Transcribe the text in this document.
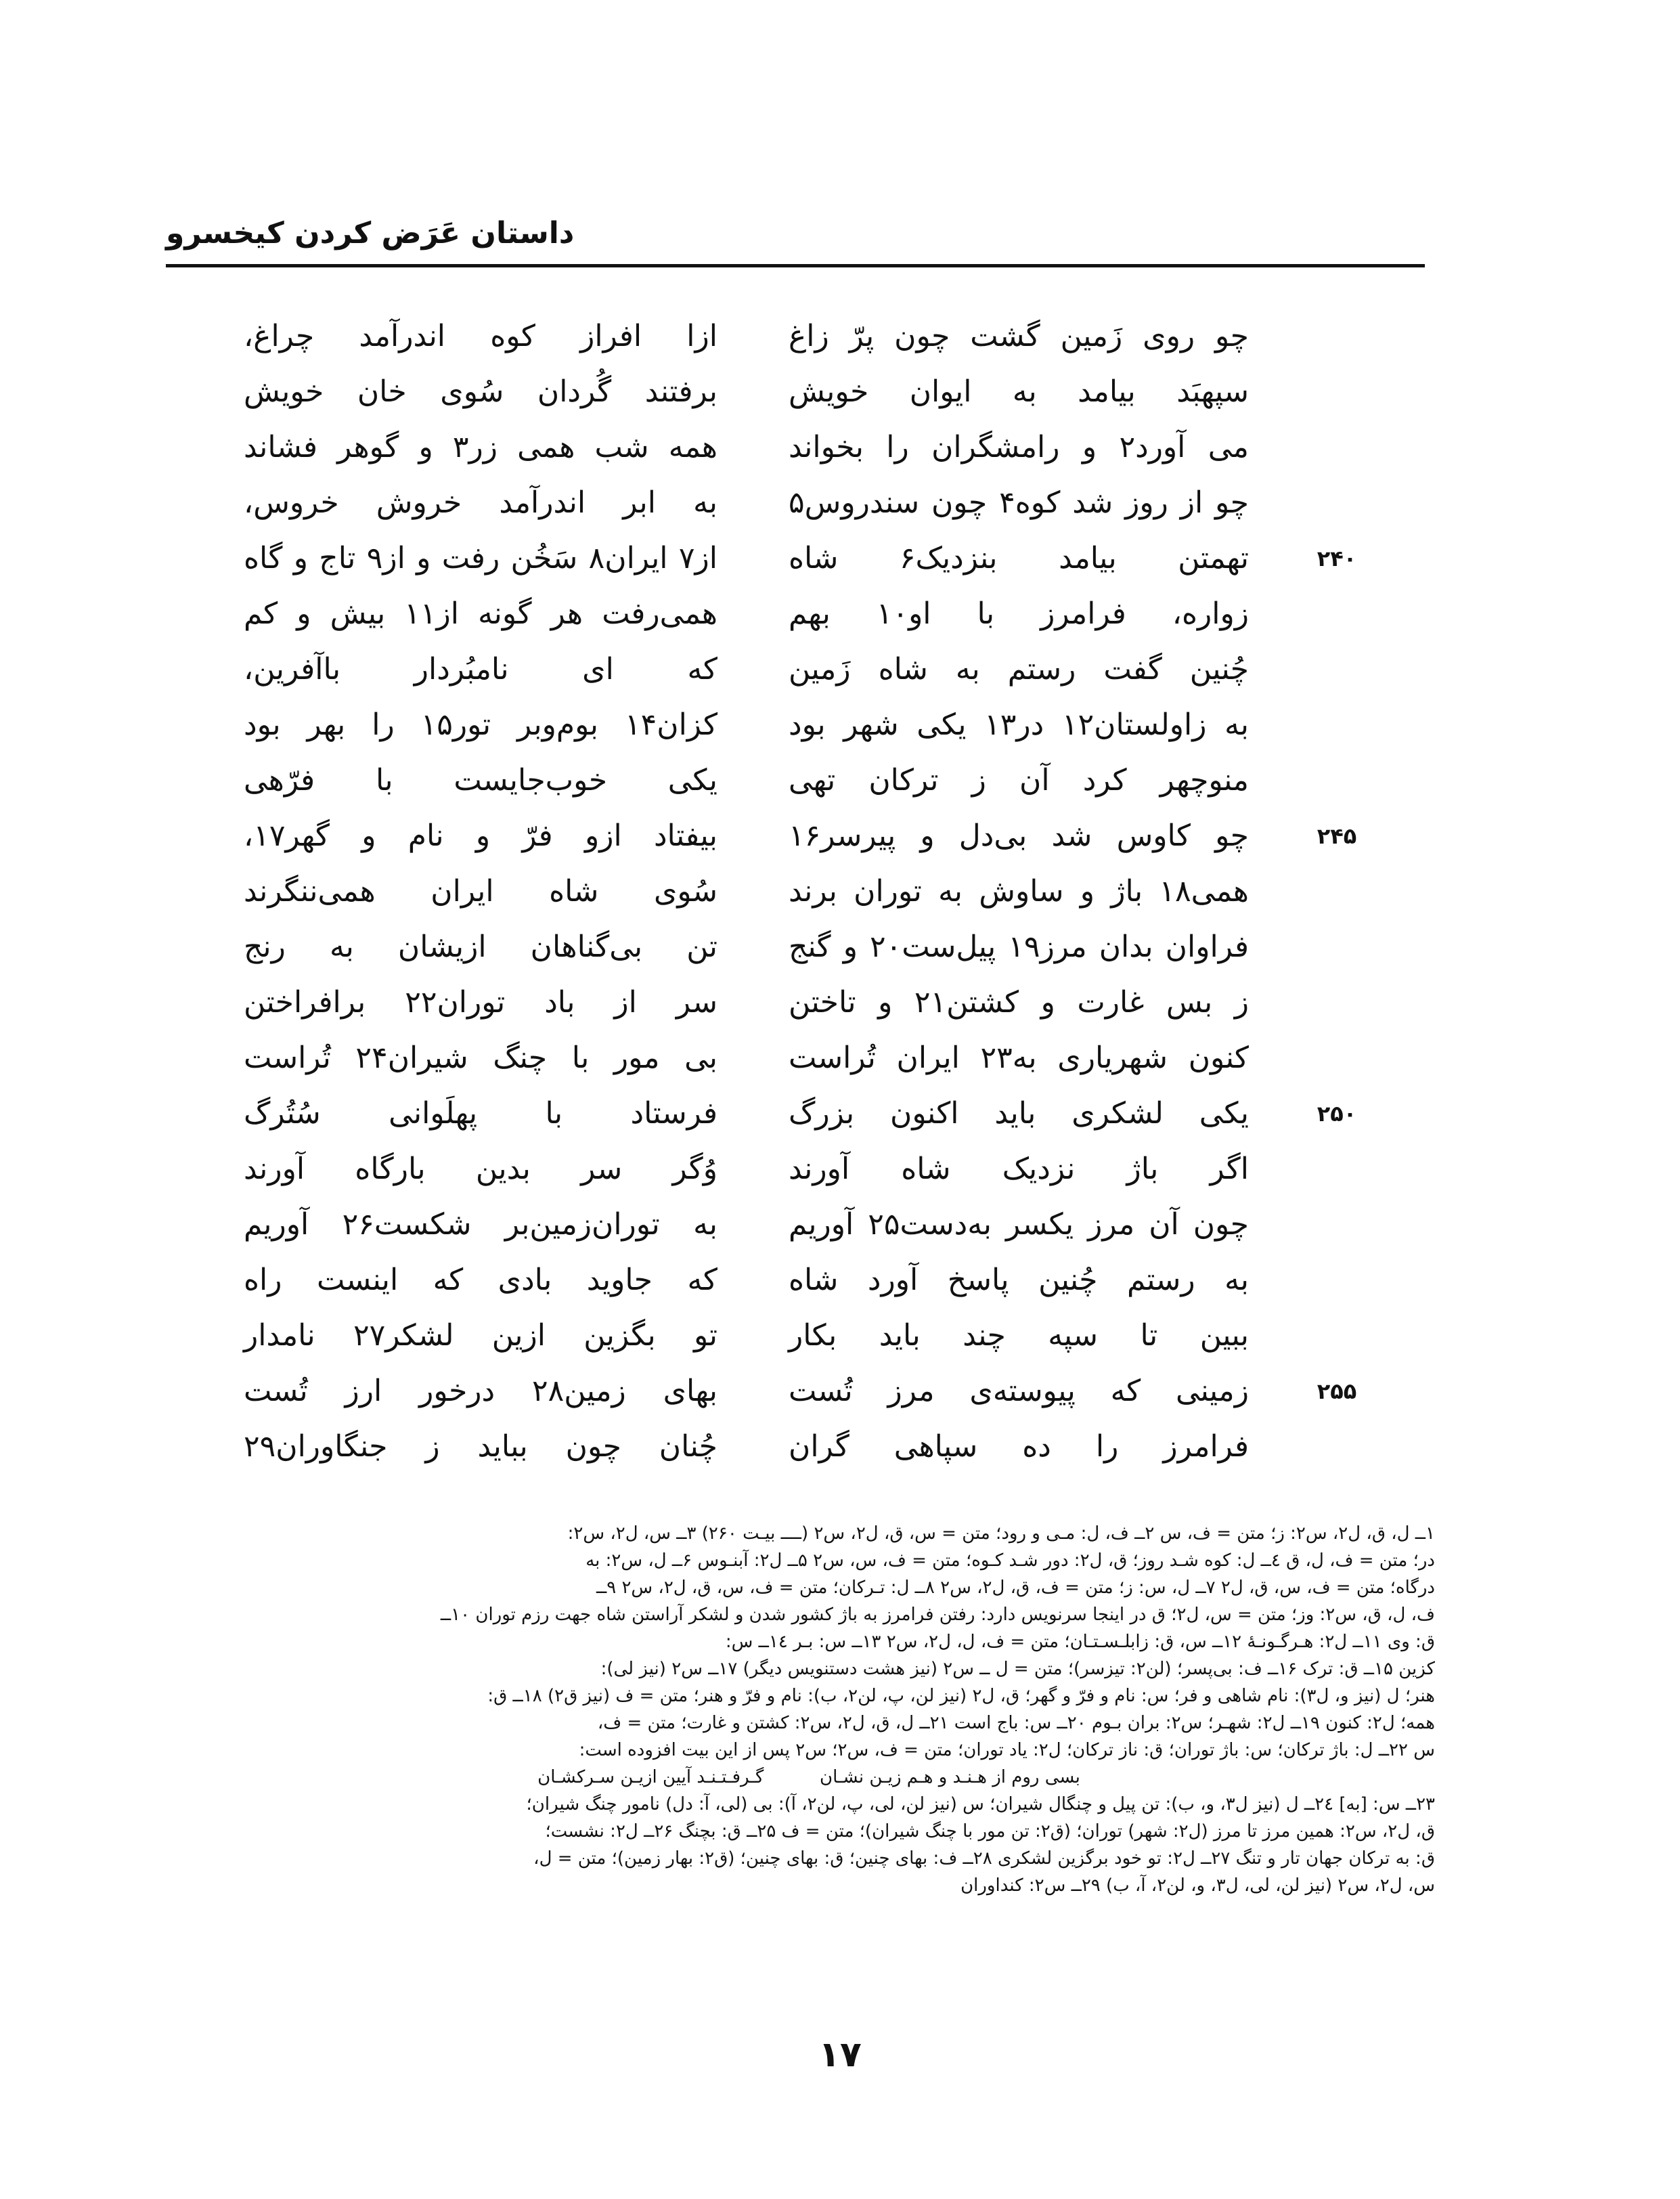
داستان عَرَض کردن کیخسرو
چو روی زَمین گشت چون پرّ زاغ
ازا افراز کوه اندرآمد چراغ،
سپهبَد بیامد به ایوان خویش
برفتند گُردان سُوی خان خویش
می آورد۲ و رامشگران را بخواند
همه شب همی زر۳ و گوهر فشاند
چو از روز شد کوه۴ چون سندروس۵
به ابر اندرآمد خروش خروس،
تهمتن بیامد بنزدیک۶ شاه
از۷ ایران۸ سَخُن رفت و از۹ تاج و گاه	۲۴۰
زواره، فرامرز با او۱۰ بهم
همی‌رفت هر گونه از۱۱ بیش و کم
چُنین گفت رستم به شاه زَمین
که ای نامبُردار باآفرین،
به زاولستان۱۲ در۱۳ یکی شهر بود
کزان۱۴ بوم‌وبر تور۱۵ را بهر بود
منوچهر کرد آن ز ترکان تهی
یکی خوب‌جایست با فرّهی
چو کاوس شد بی‌دل و پیرسر۱۶
بیفتاد ازو فرّ و نام و گهر۱۷،	۲۴۵
همی۱۸ باژ و ساوش به توران برند
سُوی شاه ایران همی‌ننگرند
فراوان بدان مرز۱۹ پیل‌ست۲۰ و گنج
تن بی‌گناهان ازیشان به رنج
ز بس غارت و کشتن۲۱ و تاختن
سر از باد توران۲۲ برافراختن
کنون شهریاری به۲۳ ایران تُراست
بی مور با چنگ شیران۲۴ تُراست
یکی لشکری باید اکنون بزرگ
فرستاد با پهلَوانی سُتُرگ	۲۵۰
اگر باژ نزدیک شاه آورند
وُگر سر بدین بارگاه آورند
چون آن مرز یکسر به‌دست۲۵ آوریم
به توران‌زمین‌بر شکست۲۶ آوریم
به رستم چُنین پاسخ آورد شاه
که جاوید بادی که اینست راه
ببین تا سپه چند باید بکار
تو بگزین ازین لشکر۲۷ نامدار
زمینی که پیوسته‌ی مرز تُست
بهای زمین۲۸ درخور ارز تُست	۲۵۵
فرامرز را ده سپاهی گران
چُنان چون بباید ز جنگاوران۲۹
۱ــ ل، ق، ل۲، س۲: ز؛ متن = ف، س ۲ــ ف، ل: مـی و رود؛ متن = س، ق، ل۲، س۲ (ــــ بیـت ۲۶۰) ۳ــ س، ل۲، س۲:
در؛ متن = ف، ل، ق ٤ــ ل: کوه شـد روز؛ ق، ل۲: دور شـد کـوه؛ متن = ف، س، س۲ ۵ــ ل۲: آبنـوس ۶ــ ل، س۲: به
درگاه؛ متن = ف، س، ق، ل۲ ۷ــ ل، س: ز؛ متن = ف، ق، ل۲، س۲ ۸ــ ل: تـرکان؛ متن = ف، س، ق، ل۲، س۲ ۹ــ
ف، ل، ق، س۲: وز؛ متن = س، ل۲؛ ق در اینجا سرنویس دارد: رفتن فرامرز به باژ کشور شدن و لشکر آراستن شاه جهت رزم توران ۱۰ــ
ق: وی ۱۱ــ ل۲: هـرگـونـهٔ ۱۲ــ س، ق: زابلـسـتـان؛ متن = ف، ل، ل۲، س۲ ۱۳ــ س: بـر ۱٤ــ س:
کزین ۱۵ــ ق: ترک ۱۶ــ ف: بی‌پسر؛ (لن۲: تیزسر)؛ متن = ل ــ س۲ (نیز هشت دستنویس دیگر) ۱۷ــ س۲ (نیز لی):
هنر؛ ل (نیز و، ل۳): نام شاهی و فر؛ س: نام و فرّ و گهر؛ ق، ل۲ (نیز لن، پ، لن۲، ب): نام و فرّ و هنر؛ متن = ف (نیز ق۲) ۱۸ــ ق:
همه؛ ل۲: کنون ۱۹ــ ل۲: شهـر؛ س۲: بران بـوم ۲۰ــ س: باج است ۲۱ــ ل، ق، ل۲، س۲: کشتن و غارت؛ متن = ف،
س ۲۲ــ ل: باژ ترکان؛ س: باژ توران؛ ق: ناز ترکان؛ ل۲: یاد توران؛ متن = ف، س۲؛ س۲ پس از این بیت افزوده است:
بسی روم از هـنـد و هـم زیـن نشـان          گـرفـتـنـد آیین ازیـن سـرکشـان
۲۳ــ س: [به] ۲٤ــ ل (نیز ل۳، و، ب): تن پیل و چنگال شیران؛ س (نیز لن، لی، پ، لن۲، آ): بی (لی، آ: دل) نامور چنگ شیران؛
ق، ل۲، س۲: همین مرز تا مرز (ل۲: شهر) توران؛ (ق۲: تن مور با چنگ شیران)؛ متن = ف ۲۵ــ ق: بچنگ ۲۶ــ ل۲: نشست؛
ق: به ترکان جهان تار و تنگ ۲۷ــ ل۲: تو خود برگزین لشکری ۲۸ــ ف: بهای چنین؛ ق: بهای چنین؛ (ق۲: بهار زمین)؛ متن = ل،
س، ل۲، س۲ (نیز لن، لی، ل۳، و، لن۲، آ، ب) ۲۹ــ س۲: کنداوران
۱۷
